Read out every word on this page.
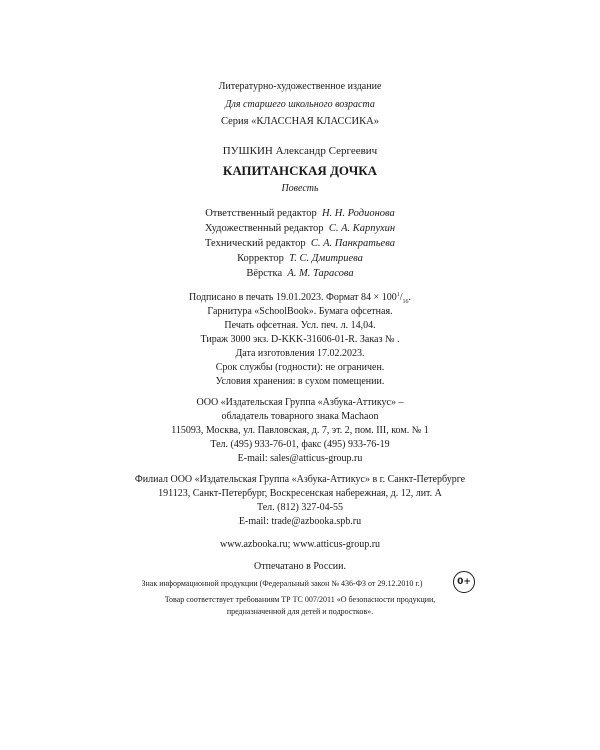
Литературно-художественное издание
Для старшего школьного возраста
Серия «КЛАССНАЯ КЛАССИКА»
ПУШКИН Александр Сергеевич
КАПИТАНСКАЯ ДОЧКА
Повесть
Ответственный редактор Н. Н. Родионова
Художественный редактор С. А. Карпухин
Технический редактор С. А. Панкратьева
Корректор Т. С. Дмитриева
Вёрстка А. М. Тарасова
Подписано в печать 19.01.2023. Формат $84 \times 100^1/_{16}$.
Гарнитура «SchoolBook». Бумага офсетная.
Печать офсетная. Усл. печ. л. 14,04.
Тираж 3000 экз. D-KKK-31606-01-R. Заказ № .
Дата изготовления 17.02.2023.
Срок службы (годности): не ограничен.
Условия хранения: в сухом помещении.
ООО «Издательская Группа «Азбука-Аттикус» –
обладатель товарного знака Machaon
115093, Москва, ул. Павловская, д. 7, эт. 2, пом. III, ком. № 1
Тел. (495) 933-76-01, факс (495) 933-76-19
E-mail: sales@atticus-group.ru
Филиал ООО «Издательская Группа «Азбука-Аттикус» в г. Санкт-Петербурге
191123, Санкт-Петербург, Воскресенская набережная, д. 12, лит. А
Тел. (812) 327-04-55
E-mail: trade@azbooka.spb.ru
www.azbooka.ru; www.atticus-group.ru
Отпечатано в России.
Знак информационной продукции (Федеральный закон № 436-ФЗ от 29.12.2010 г.)	0+
Товар соответствует требованиям ТР ТС 007/2011 «О безопасности продукции,
предназначенной для детей и подростков».
